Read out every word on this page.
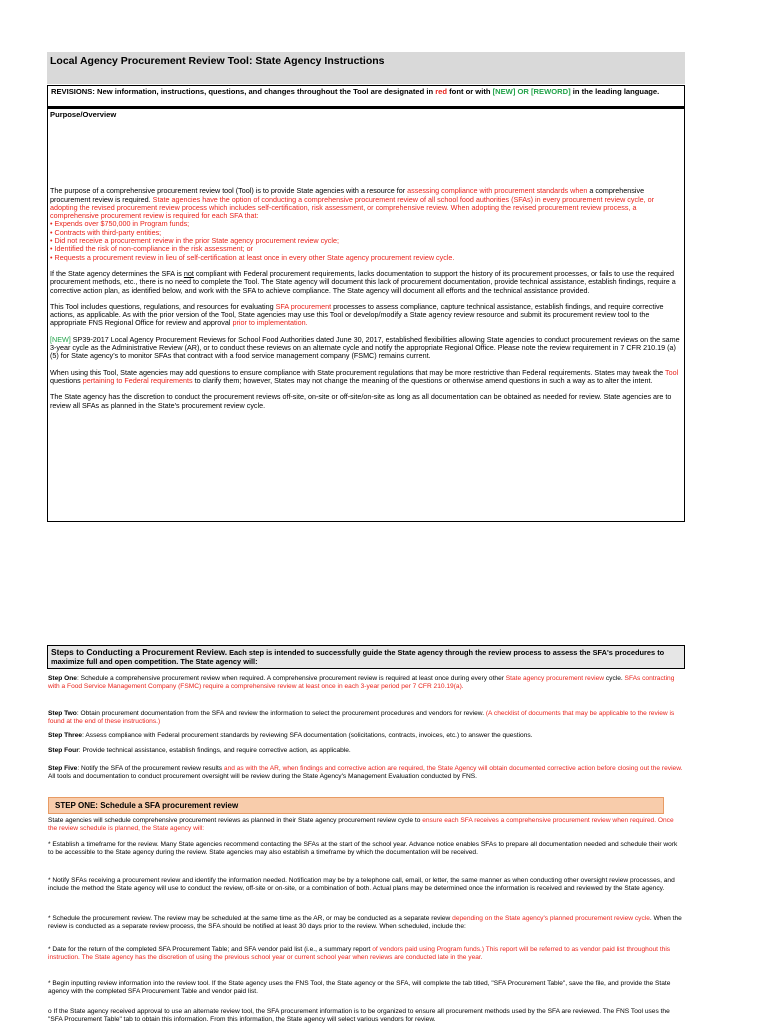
Local Agency Procurement Review Tool: State Agency Instructions
REVISIONS: New information, instructions, questions, and changes throughout the Tool are designated in red font or with [NEW] OR [REWORD] in the leading language.

Purpose/Overview

The purpose of a comprehensive procurement review tool (Tool) is to provide State agencies with a resource for assessing compliance with procurement standards when a comprehensive procurement review is required. State agencies have the option of conducting a comprehensive procurement review of all school food authorities (SFAs) in every procurement review cycle, or adopting the revised procurement review process which includes self-certification, risk assessment, or comprehensive review. When adopting the revised procurement review process, a comprehensive procurement review is required for each SFA that:
• Expends over $750,000 in Program funds;
• Contracts with third-party entities;
• Did not receive a procurement review in the prior State agency procurement review cycle;
• Identified the risk of non-compliance in the risk assessment; or
• Requests a procurement review in lieu of self-certification at least once in every other State agency procurement review cycle.

If the State agency determines the SFA is not compliant with Federal procurement requirements, lacks documentation to support the history of its procurement processes, or fails to use the required procurement methods, etc., there is no need to complete the Tool. The State agency will document this lack of procurement documentation, provide technical assistance, establish findings, require a corrective action plan, as identified below, and work with the SFA to achieve compliance. The State agency will document all efforts and the technical assistance provided.

This Tool includes questions, regulations, and resources for evaluating SFA procurement processes to assess compliance, capture technical assistance, establish findings, and require corrective actions, as applicable. As with the prior version of the Tool, State agencies may use this Tool or develop/modify a State agency review resource and submit its procurement review tool to the appropriate FNS Regional Office for review and approval prior to implementation.

[NEW] SP39-2017 Local Agency Procurement Reviews for School Food Authorities dated June 30, 2017, established flexibilities allowing State agencies to conduct procurement reviews on the same 3-year cycle as the Administrative Review (AR), or to conduct these reviews on an alternate cycle and notify the appropriate Regional Office. Please note the review requirement in 7 CFR 210.19 (a)(5) for State agency’s to monitor SFAs that contract with a food service management company (FSMC) remains current.

When using this Tool, State agencies may add questions to ensure compliance with State procurement regulations that may be more restrictive than Federal requirements. States may tweak the Tool questions pertaining to Federal requirements to clarify them; however, States may not change the meaning of the questions or otherwise amend questions in such a way as to alter the intent.

The State agency has the discretion to conduct the procurement reviews off-site, on-site or off-site/on-site as long as all documentation can be obtained as needed for review. State agencies are to review all SFAs as planned in the State's procurement review cycle.

Steps to Conducting a Procurement Review. Each step is intended to successfully guide the State agency through the review process to assess the SFA's procedures to maximize full and open competition. The State agency will:

Step One: Schedule a comprehensive procurement review when required. A comprehensive procurement review is required at least once during every other State agency procurement review cycle. SFAs contracting with a Food Service Management Company (FSMC) require a comprehensive review at least once in each 3-year period per 7 CFR 210.19(a).

Step Two: Obtain procurement documentation from the SFA and review the information to select the procurement procedures and vendors for review. (A checklist of documents that may be applicable to the review is found at the end of these instructions.)

Step Three: Assess compliance with Federal procurement standards by reviewing SFA documentation (solicitations, contracts, invoices, etc.) to answer the questions.

Step Four: Provide technical assistance, establish findings, and require corrective action, as applicable.

Step Five: Notify the SFA of the procurement review results and as with the AR, when findings and corrective action are required, the State Agency will obtain documented corrective action before closing out the review. All tools and documentation to conduct procurement oversight will be review during the State Agency's Management Evaluation conducted by FNS.

STEP ONE: Schedule a SFA procurement review

State agencies will schedule comprehensive procurement reviews as planned in their State agency procurement review cycle to ensure each SFA receives a comprehensive procurement review when required. Once the review schedule is planned, the State agency will:

* Establish a timeframe for the review. Many State agencies recommend contacting the SFAs at the start of the school year. Advance notice enables SFAs to prepare all documentation needed and schedule their work to be accessible to the State agency during the review. State agencies may also establish a timeframe by which the documentation will be received.

* Notify SFAs receiving a procurement review and identify the information needed. Notification may be by a telephone call, email, or letter, the same manner as when conducting other oversight review processes, and include the method the State agency will use to conduct the review, off-site or on-site, or a combination of both. Actual plans may be determined once the information is received and reviewed by the State agency.

* Schedule the procurement review. The review may be scheduled at the same time as the AR, or may be conducted as a separate review depending on the State agency's planned procurement review cycle. When the review is conducted as a separate review process, the SFA should be notified at least 30 days prior to the review. When scheduled, include the:

* Date for the return of the completed SFA Procurement Table; and SFA vendor paid list (i.e., a summary report of vendors paid using Program funds.) This report will be referred to as vendor paid list throughout this instruction. The State agency has the discretion of using the previous school year or current school year when reviews are conducted late in the year.

* Begin inputting review information into the review tool. If the State agency uses the FNS Tool, the State agency or the SFA, will complete the tab titled, "SFA Procurement Table", save the file, and provide the State agency with the completed SFA Procurement Table and vendor paid list.

o If the State agency received approval to use an alternate review tool, the SFA procurement information is to be organized to ensure all procurement methods used by the SFA are reviewed. The FNS Tool uses the "SFA Procurement Table" tab to obtain this information. From this information, the State agency will select various vendors for review.
